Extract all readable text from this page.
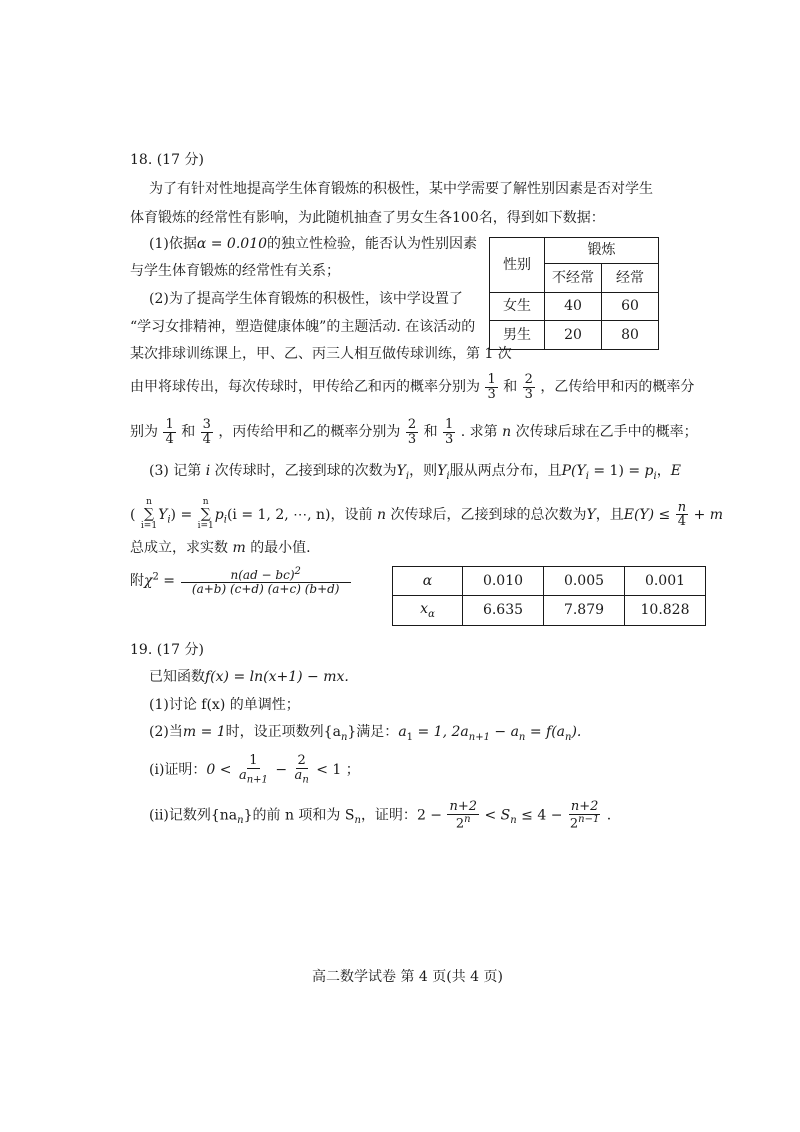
18. (17 分)
为了有针对性地提高学生体育锻炼的积极性，某中学需要了解性别因素是否对学生
体育锻炼的经常性有影响，为此随机抽查了男女生各100名，得到如下数据：
(1)依据α = 0.010的独立性检验，能否认为性别因素
与学生体育锻炼的经常性有关系；
(2)为了提高学生体育锻炼的积极性，该中学设置了
“学习女排精神，塑造健康体魄”的主题活动. 在该活动的
某次排球训练课上，甲、乙、丙三人相互做传球训练，第 1 次
由甲将球传出，每次传球时，甲传给乙和丙的概率分别为 $\frac{1}{3}$ 和 $\frac{2}{3}$ ，乙传给甲和丙的概率分
别为 $\frac{1}{4}$ 和 $\frac{3}{4}$ ，丙传给甲和乙的概率分别为 $\frac{2}{3}$ 和 $\frac{1}{3}$ . 求第 n 次传球后球在乙手中的概率；
(3) 记第 i 次传球时，乙接到球的次数为$Y_i$，则$Y_i$服从两点分布，且$P(Y_i = 1) = p_i$，E
(
n
∑
i=1
$Y_i$) =
n
∑
i=1
$p_i(i = 1$, 2, ⋯, n)，设前 n 次传球后，乙接到球的总次数为Y，且$E(Y) \le \frac{n}{4} + m$
总成立，求实数 m 的最小值.
附$\chi^2 = \frac{n(ad - bc)^2}{(a+b) (c+d) (a+c) (b+d)}$
性别	锻炼	
	不经常	经常
女生	40	60
男生	20	80
α	0.010	0.005	0.001
$x_\alpha$	6.635	7.879	10.828
19. (17 分)
已知函数f(x) = ln(x+1) − mx.
(1)讨论 f(x) 的单调性；
(2)当m = 1时，设正项数列$\{a_n\}$满足：$a_1 = 1$, $2a_{n+1} - a_n = f(a_n)$.
(i)证明：$0 < \frac{1}{a_{n+1}} - \frac{2}{a_n} < 1$ ；
(ii)记数列$\{na_n\}$的前 n 项和为 $S_n$，证明：$2 - \frac{n+2}{2^n} < S_n \le 4 - \frac{n+2}{2^{n-1}}$ .
高二数学试卷 第 4 页(共 4 页)
